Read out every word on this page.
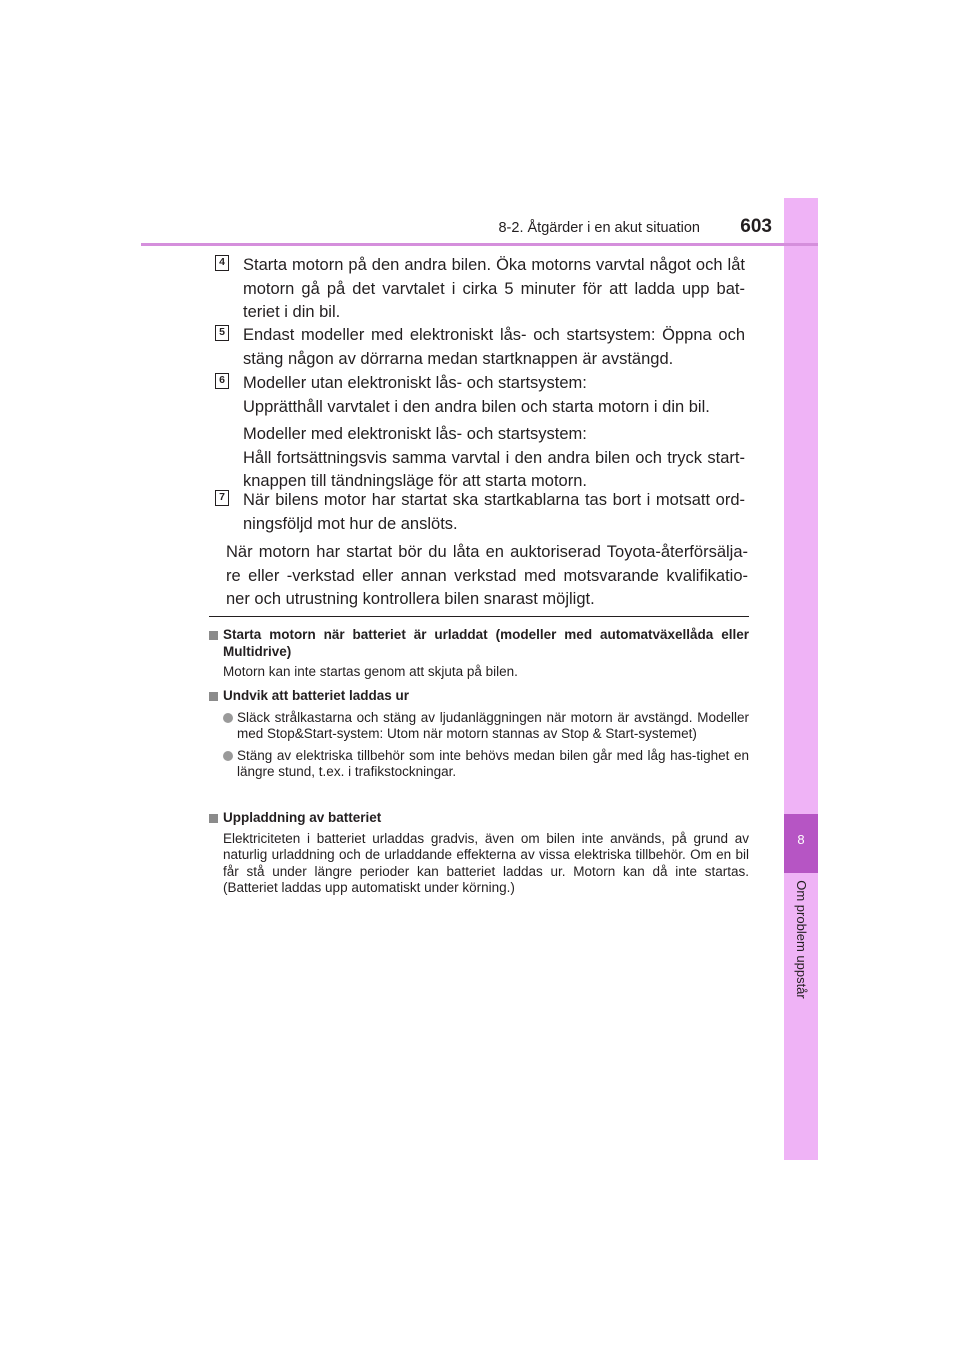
8
Om problem uppstår
8-2. Åtgärder i en akut situation	603
4 Starta motorn på den andra bilen. Öka motorns varvtal något och låt motorn gå på det varvtalet i cirka 5 minuter för att ladda upp bat-teriet i din bil.
5 Endast modeller med elektroniskt lås- och startsystem: Öppna och stäng någon av dörrarna medan startknappen är avstängd.
6 Modeller utan elektroniskt lås- och startsystem:
Upprätthåll varvtalet i den andra bilen och starta motorn i din bil.

Modeller med elektroniskt lås- och startsystem:
Håll fortsättningsvis samma varvtal i den andra bilen och tryck start-knappen till tändningsläge för att starta motorn.

7 När bilens motor har startat ska startkablarna tas bort i motsatt ord-ningsföljd mot hur de anslöts.
När motorn har startat bör du låta en auktoriserad Toyota-återförsälja-re eller -verkstad eller annan verkstad med motsvarande kvalifikatio-ner och utrustning kontrollera bilen snarast möjligt.
Starta motorn när batteriet är urladdat (modeller med automatväxellåda eller Multidrive)
Motorn kan inte startas genom att skjuta på bilen.
Undvik att batteriet laddas ur
Släck strålkastarna och stäng av ljudanläggningen när motorn är avstängd. Modeller med Stop&Start-system: Utom när motorn stannas av Stop & Start-systemet)
Stäng av elektriska tillbehör som inte behövs medan bilen går med låg has-tighet en längre stund, t.ex. i trafikstockningar.
Uppladdning av batteriet
Elektriciteten i batteriet urladdas gradvis, även om bilen inte används, på grund av naturlig urladdning och de urladdande effekterna av vissa elektriska tillbehör. Om en bil får stå under längre perioder kan batteriet laddas ur. Motorn kan då inte startas. (Batteriet laddas upp automatiskt under körning.)
